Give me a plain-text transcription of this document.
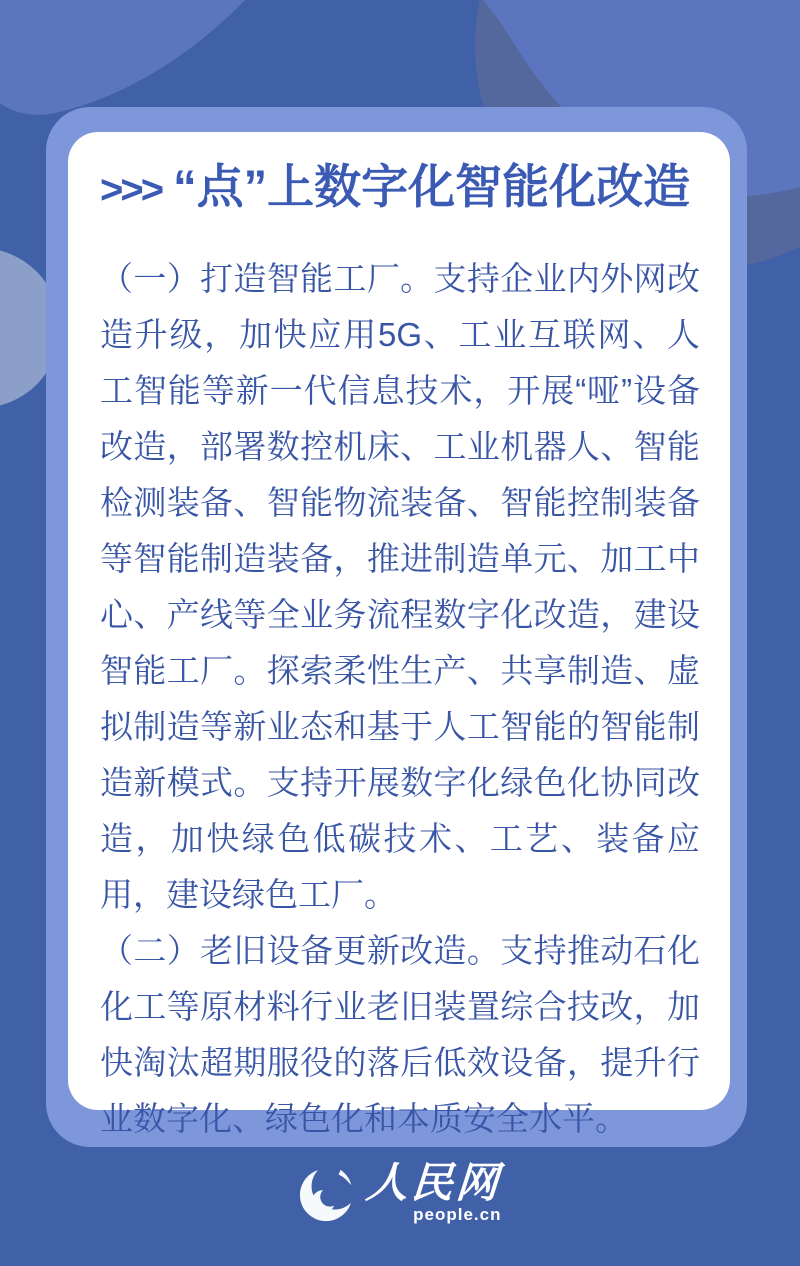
>>> “点”上数字化智能化改造

（一）打造智能工厂。支持企业内外网改造升级，加快应用5G、工业互联网、人工智能等新一代信息技术，开展“哑”设备改造，部署数控机床、工业机器人、智能检测装备、智能物流装备、智能控制装备等智能制造装备，推进制造单元、加工中心、产线等全业务流程数字化改造，建设智能工厂。探索柔性生产、共享制造、虚拟制造等新业态和基于人工智能的智能制造新模式。支持开展数字化绿色化协同改造，加快绿色低碳技术、工艺、装备应用，建设绿色工厂。

（二）老旧设备更新改造。支持推动石化化工等原材料行业老旧装置综合技改，加快淘汰超期服役的落后低效设备，提升行业数字化、绿色化和本质安全水平。

人民网
people.cn
